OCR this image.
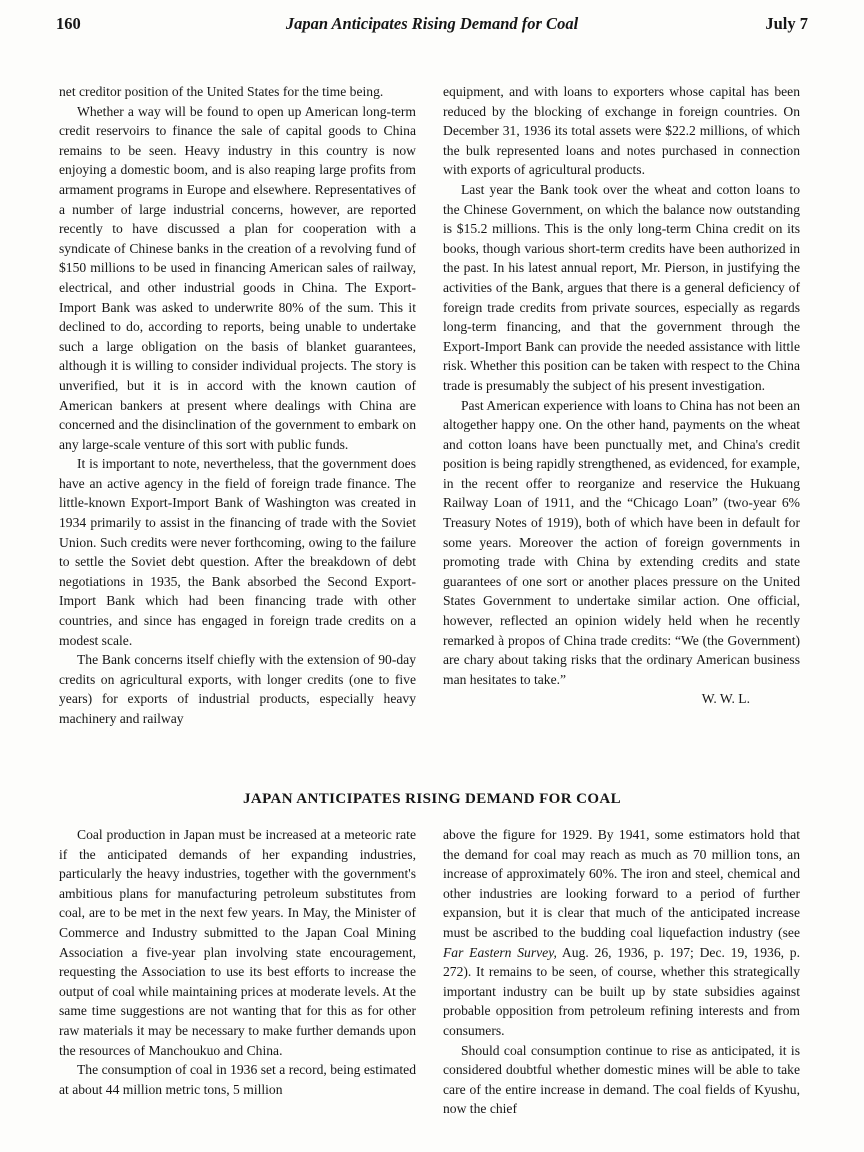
160	Japan Anticipates Rising Demand for Coal	July 7

net creditor position of the United States for the time being.

Whether a way will be found to open up American long-term credit reservoirs to finance the sale of capital goods to China remains to be seen. Heavy industry in this country is now enjoying a domestic boom, and is also reaping large profits from armament programs in Europe and elsewhere. Representatives of a number of large industrial concerns, however, are reported recently to have discussed a plan for cooperation with a syndicate of Chinese banks in the creation of a revolving fund of $150 millions to be used in financing American sales of railway, electrical, and other industrial goods in China. The Export-Import Bank was asked to underwrite 80% of the sum. This it declined to do, according to reports, being unable to undertake such a large obligation on the basis of blanket guarantees, although it is willing to consider individual projects. The story is unverified, but it is in accord with the known caution of American bankers at present where dealings with China are concerned and the disinclination of the government to embark on any large-scale venture of this sort with public funds.

It is important to note, nevertheless, that the government does have an active agency in the field of foreign trade finance. The little-known Export-Import Bank of Washington was created in 1934 primarily to assist in the financing of trade with the Soviet Union. Such credits were never forthcoming, owing to the failure to settle the Soviet debt question. After the breakdown of debt negotiations in 1935, the Bank absorbed the Second Export-Import Bank which had been financing trade with other countries, and since has engaged in foreign trade credits on a modest scale.

The Bank concerns itself chiefly with the extension of 90-day credits on agricultural exports, with longer credits (one to five years) for exports of industrial products, especially heavy machinery and railway

equipment, and with loans to exporters whose capital has been reduced by the blocking of exchange in foreign countries. On December 31, 1936 its total assets were $22.2 millions, of which the bulk represented loans and notes purchased in connection with exports of agricultural products.

Last year the Bank took over the wheat and cotton loans to the Chinese Government, on which the balance now outstanding is $15.2 millions. This is the only long-term China credit on its books, though various short-term credits have been authorized in the past. In his latest annual report, Mr. Pierson, in justifying the activities of the Bank, argues that there is a general deficiency of foreign trade credits from private sources, especially as regards long-term financing, and that the government through the Export-Import Bank can provide the needed assistance with little risk. Whether this position can be taken with respect to the China trade is presumably the subject of his present investigation.

Past American experience with loans to China has not been an altogether happy one. On the other hand, payments on the wheat and cotton loans have been punctually met, and China's credit position is being rapidly strengthened, as evidenced, for example, in the recent offer to reorganize and reservice the Hukuang Railway Loan of 1911, and the “Chicago Loan” (two-year 6% Treasury Notes of 1919), both of which have been in default for some years. Moreover the action of foreign governments in promoting trade with China by extending credits and state guarantees of one sort or another places pressure on the United States Government to undertake similar action. One official, however, reflected an opinion widely held when he recently remarked à propos of China trade credits: “We (the Government) are chary about taking risks that the ordinary American business man hesitates to take.”

W. W. L.

JAPAN ANTICIPATES RISING DEMAND FOR COAL

Coal production in Japan must be increased at a meteoric rate if the anticipated demands of her expanding industries, particularly the heavy industries, together with the government's ambitious plans for manufacturing petroleum substitutes from coal, are to be met in the next few years. In May, the Minister of Commerce and Industry submitted to the Japan Coal Mining Association a five-year plan involving state encouragement, requesting the Association to use its best efforts to increase the output of coal while maintaining prices at moderate levels. At the same time suggestions are not wanting that for this as for other raw materials it may be necessary to make further demands upon the resources of Manchoukuo and China.

The consumption of coal in 1936 set a record, being estimated at about 44 million metric tons, 5 million

above the figure for 1929. By 1941, some estimators hold that the demand for coal may reach as much as 70 million tons, an increase of approximately 60%. The iron and steel, chemical and other industries are looking forward to a period of further expansion, but it is clear that much of the anticipated increase must be ascribed to the budding coal liquefaction industry (see Far Eastern Survey, Aug. 26, 1936, p. 197; Dec. 19, 1936, p. 272). It remains to be seen, of course, whether this strategically important industry can be built up by state subsidies against probable opposition from petroleum refining interests and from consumers.

Should coal consumption continue to rise as anticipated, it is considered doubtful whether domestic mines will be able to take care of the entire increase in demand. The coal fields of Kyushu, now the chief
